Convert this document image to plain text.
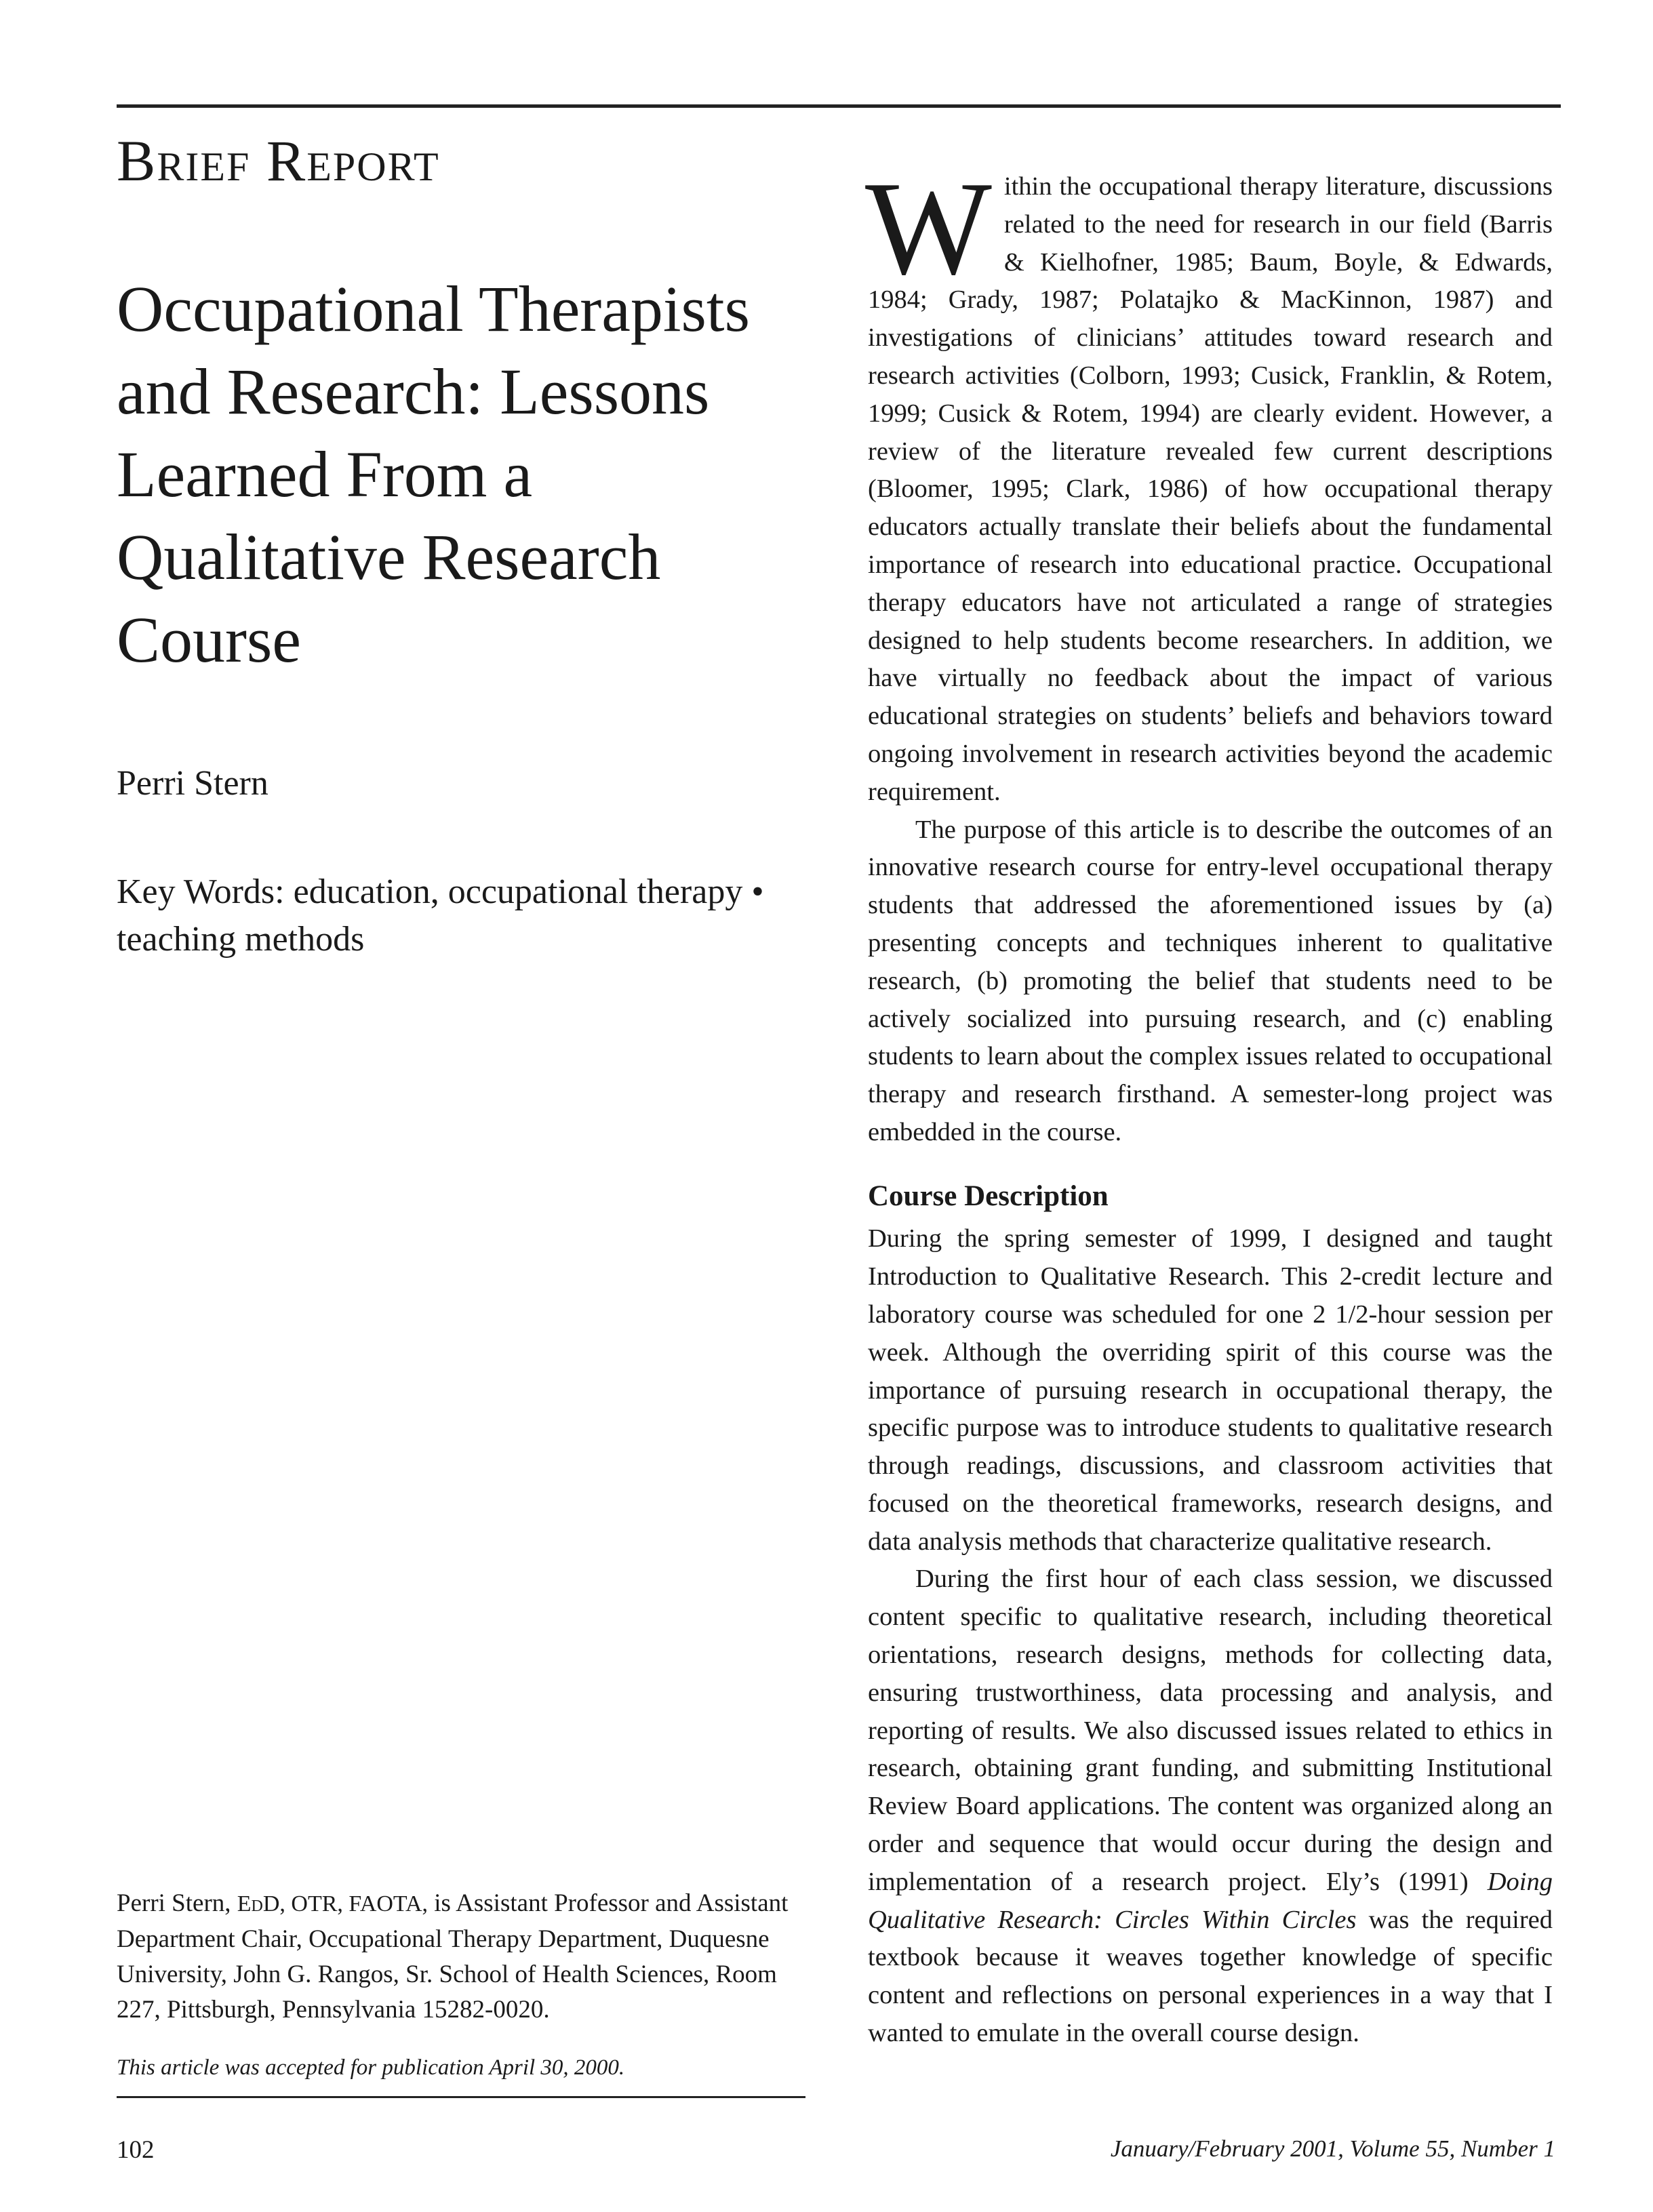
Brief Report
Occupational Therapists and Research: Lessons Learned From a Qualitative Research Course

Perri Stern

Key Words: education, occupational therapy • teaching methods

Perri Stern, EdD, OTR, FAOTA, is Assistant Professor and Assistant Department Chair, Occupational Therapy Department, Duquesne University, John G. Rangos, Sr. School of Health Sciences, Room 227, Pittsburgh, Pennsylvania 15282-0020.

This article was accepted for publication April 30, 2000.

Within the occupational therapy literature, discussions related to the need for research in our field (Barris & Kielhofner, 1985; Baum, Boyle, & Edwards, 1984; Grady, 1987; Polatajko & MacKinnon, 1987) and investigations of clinicians’ attitudes toward research and research activities (Colborn, 1993; Cusick, Franklin, & Rotem, 1999; Cusick & Rotem, 1994) are clearly evident. However, a review of the literature revealed few current descriptions (Bloomer, 1995; Clark, 1986) of how occupational therapy educators actually translate their beliefs about the fundamental importance of research into educational practice. Occupational therapy educators have not articulated a range of strategies designed to help students become researchers. In addition, we have virtually no feedback about the impact of various educational strategies on students’ beliefs and behaviors toward ongoing involvement in research activities beyond the academic requirement.

The purpose of this article is to describe the outcomes of an innovative research course for entry-level occupational therapy students that addressed the aforementioned issues by (a) presenting concepts and techniques inherent to qualitative research, (b) promoting the belief that students need to be actively socialized into pursuing research, and (c) enabling students to learn about the complex issues related to occupational therapy and research firsthand. A semester-long project was embedded in the course.

Course Description

During the spring semester of 1999, I designed and taught Introduction to Qualitative Research. This 2-credit lecture and laboratory course was scheduled for one 2 1/2-hour session per week. Although the overriding spirit of this course was the importance of pursuing research in occupational therapy, the specific purpose was to introduce students to qualitative research through readings, discussions, and classroom activities that focused on the theoretical frameworks, research designs, and data analysis methods that characterize qualitative research.

During the first hour of each class session, we discussed content specific to qualitative research, including theoretical orientations, research designs, methods for collecting data, ensuring trustworthiness, data processing and analysis, and reporting of results. We also discussed issues related to ethics in research, obtaining grant funding, and submitting Institutional Review Board applications. The content was organized along an order and sequence that would occur during the design and implementation of a research project. Ely’s (1991) Doing Qualitative Research: Circles Within Circles was the required textbook because it weaves together knowledge of specific content and reflections on personal experiences in a way that I wanted to emulate in the overall course design.

102	January/February 2001, Volume 55, Number 1
